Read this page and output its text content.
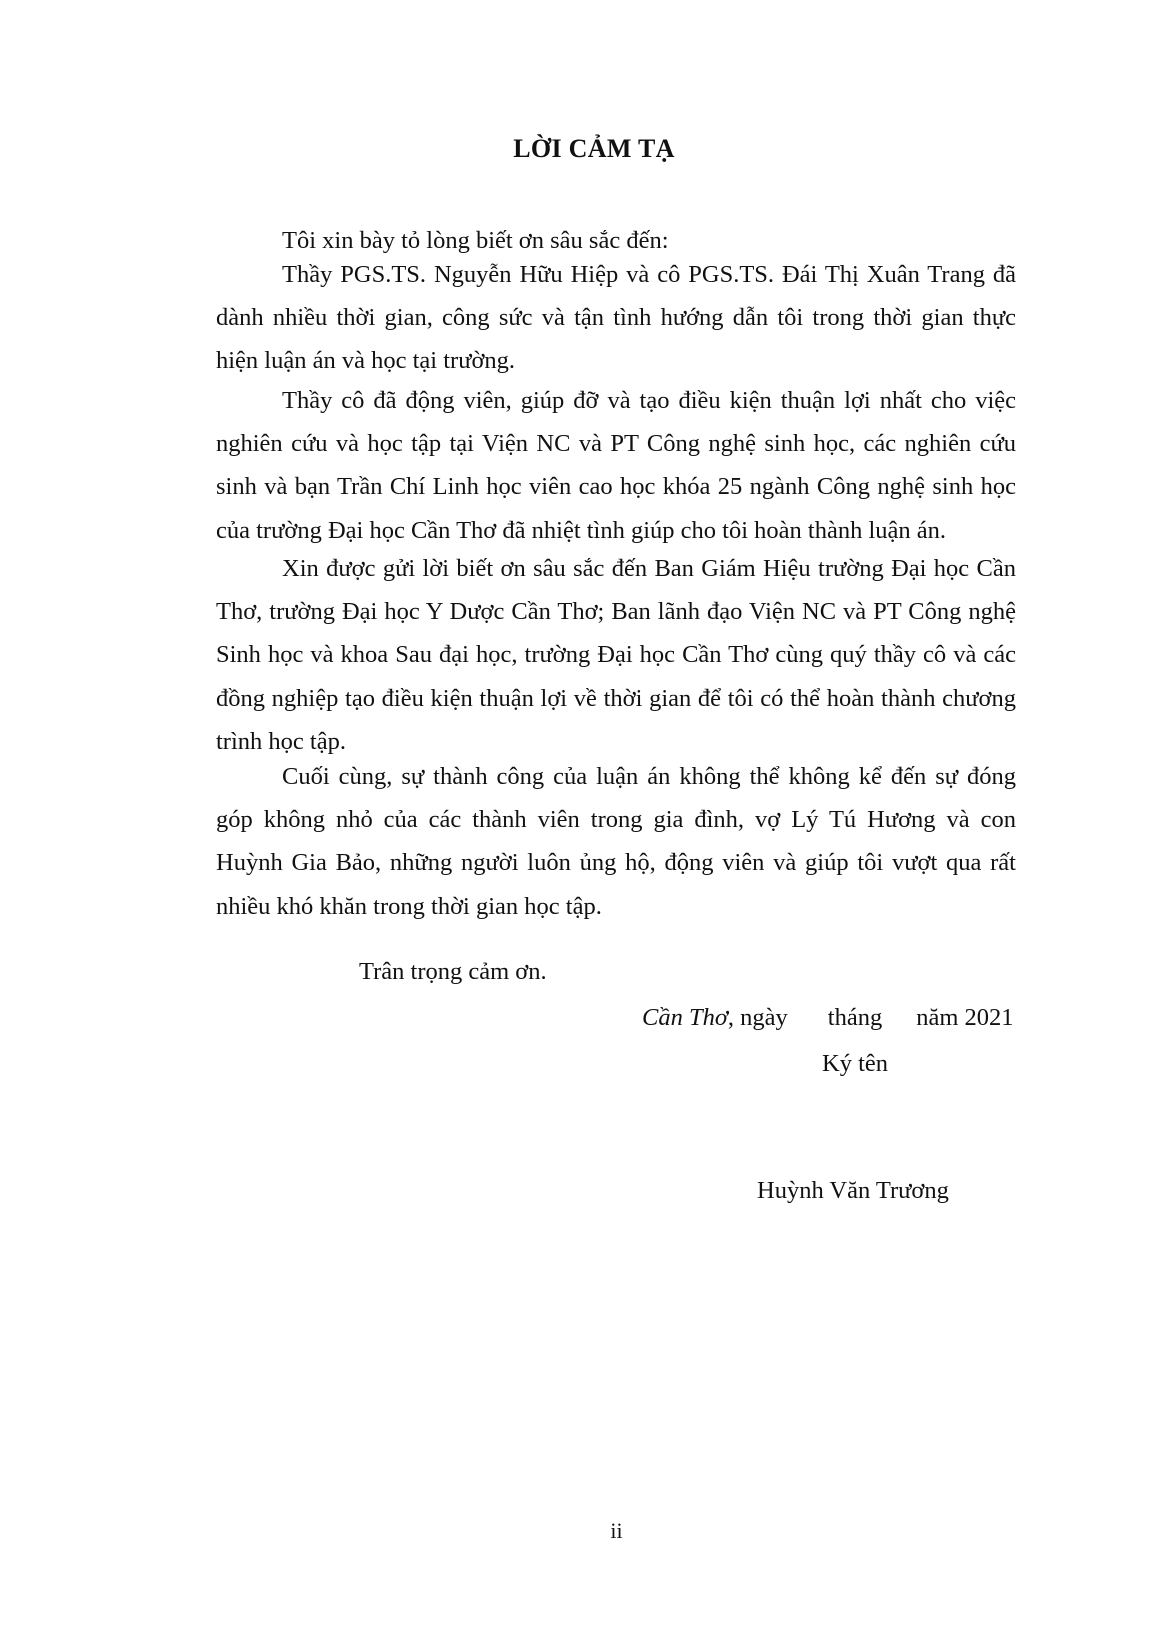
LỜI CẢM TẠ

Tôi xin bày tỏ lòng biết ơn sâu sắc đến:

Thầy PGS.TS. Nguyễn Hữu Hiệp và cô PGS.TS. Đái Thị Xuân Trang đã dành nhiều thời gian, công sức và tận tình hướng dẫn tôi trong thời gian thực hiện luận án và học tại trường.

Thầy cô đã động viên, giúp đỡ và tạo điều kiện thuận lợi nhất cho việc nghiên cứu và học tập tại Viện NC và PT Công nghệ sinh học, các nghiên cứu sinh và bạn Trần Chí Linh học viên cao học khóa 25 ngành Công nghệ sinh học của trường Đại học Cần Thơ đã nhiệt tình giúp cho tôi hoàn thành luận án.

Xin được gửi lời biết ơn sâu sắc đến Ban Giám Hiệu trường Đại học Cần Thơ, trường Đại học Y Dược Cần Thơ; Ban lãnh đạo Viện NC và PT Công nghệ Sinh học và khoa Sau đại học, trường Đại học Cần Thơ cùng quý thầy cô và các đồng nghiệp tạo điều kiện thuận lợi về thời gian để tôi có thể hoàn thành chương trình học tập.

Cuối cùng, sự thành công của luận án không thể không kể đến sự đóng góp không nhỏ của các thành viên trong gia đình, vợ Lý Tú Hương và con Huỳnh Gia Bảo, những người luôn ủng hộ, động viên và giúp tôi vượt qua rất nhiều khó khăn trong thời gian học tập.

Trân trọng cảm ơn.
Cần Thơ, ngày tháng năm 2021
Ký tên
Huỳnh Văn Trương
ii
